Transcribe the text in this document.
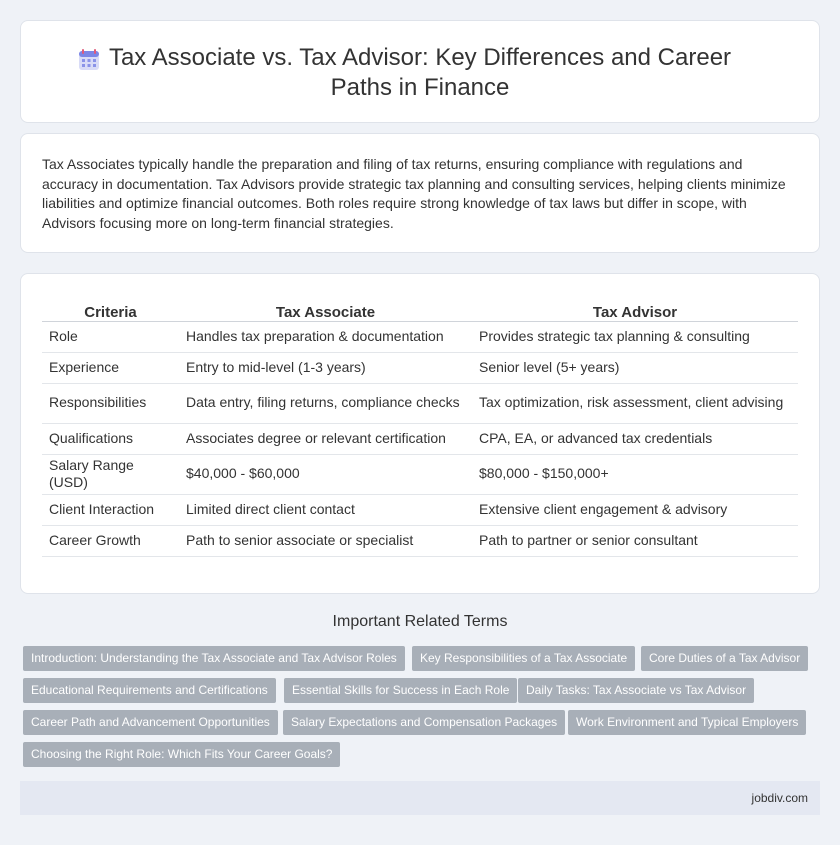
Tax Associate vs. Tax Advisor: Key Differences and Career Paths in Finance

Tax Associates typically handle the preparation and filing of tax returns, ensuring compliance with regulations and accuracy in documentation. Tax Advisors provide strategic tax planning and consulting services, helping clients minimize liabilities and optimize financial outcomes. Both roles require strong knowledge of tax laws but differ in scope, with Advisors focusing more on long-term financial strategies.

Criteria	Tax Associate	Tax Advisor
Role	Handles tax preparation & documentation	Provides strategic tax planning & consulting
Experience	Entry to mid-level (1-3 years)	Senior level (5+ years)
Responsibilities	Data entry, filing returns, compliance checks	Tax optimization, risk assessment, client advising
Qualifications	Associates degree or relevant certification	CPA, EA, or advanced tax credentials
Salary Range (USD)	$40,000 - $60,000	$80,000 - $150,000+
Client Interaction	Limited direct client contact	Extensive client engagement & advisory
Career Growth	Path to senior associate or specialist	Path to partner or senior consultant
Important Related Terms
Introduction: Understanding the Tax Associate and Tax Advisor Roles	Key Responsibilities of a Tax Associate	Core Duties of a Tax Advisor
Educational Requirements and Certifications	Essential Skills for Success in Each Role	Daily Tasks: Tax Associate vs Tax Advisor
Career Path and Advancement Opportunities	Salary Expectations and Compensation Packages	Work Environment and Typical Employers
Choosing the Right Role: Which Fits Your Career Goals?
jobdiv.com
